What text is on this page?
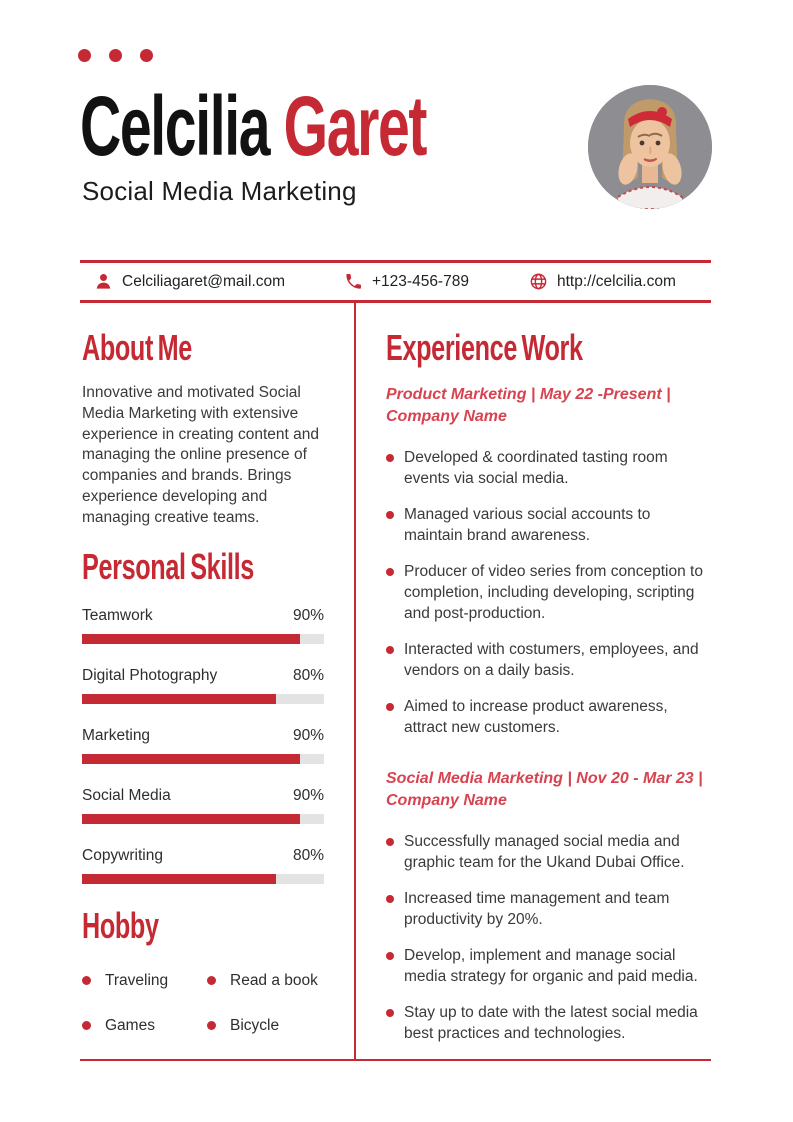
Celcilia Garet
Social Media Marketing
Celciliagaret@mail.com	+123-456-789	http://celcilia.com
About Me

Innovative and motivated Social Media Marketing with extensive experience in creating content and managing the online presence of companies and brands. Brings experience developing and managing creative teams.

Personal Skills
Teamwork	90%
Digital Photography	80%
Marketing	90%
Social Media	90%
Copywriting	80%
Hobby
Traveling	Read a book
Games	Bicycle
Experience Work
Product Marketing | May 22 -Present |
Company Name
Developed & coordinated tasting room events via social media.
Managed various social accounts to maintain brand awareness.
Producer of video series from conception to completion, including developing, scripting and post-production.
Interacted with costumers, employees, and vendors on a daily basis.
Aimed to increase product awareness, attract new customers.
Social Media Marketing | Nov 20 - Mar 23 |
Company Name
Successfully managed social media and graphic team for the Ukand Dubai Office.
Increased time management and team productivity by 20%.
Develop, implement and manage social media strategy for organic and paid media.
Stay up to date with the latest social media best practices and technologies.
